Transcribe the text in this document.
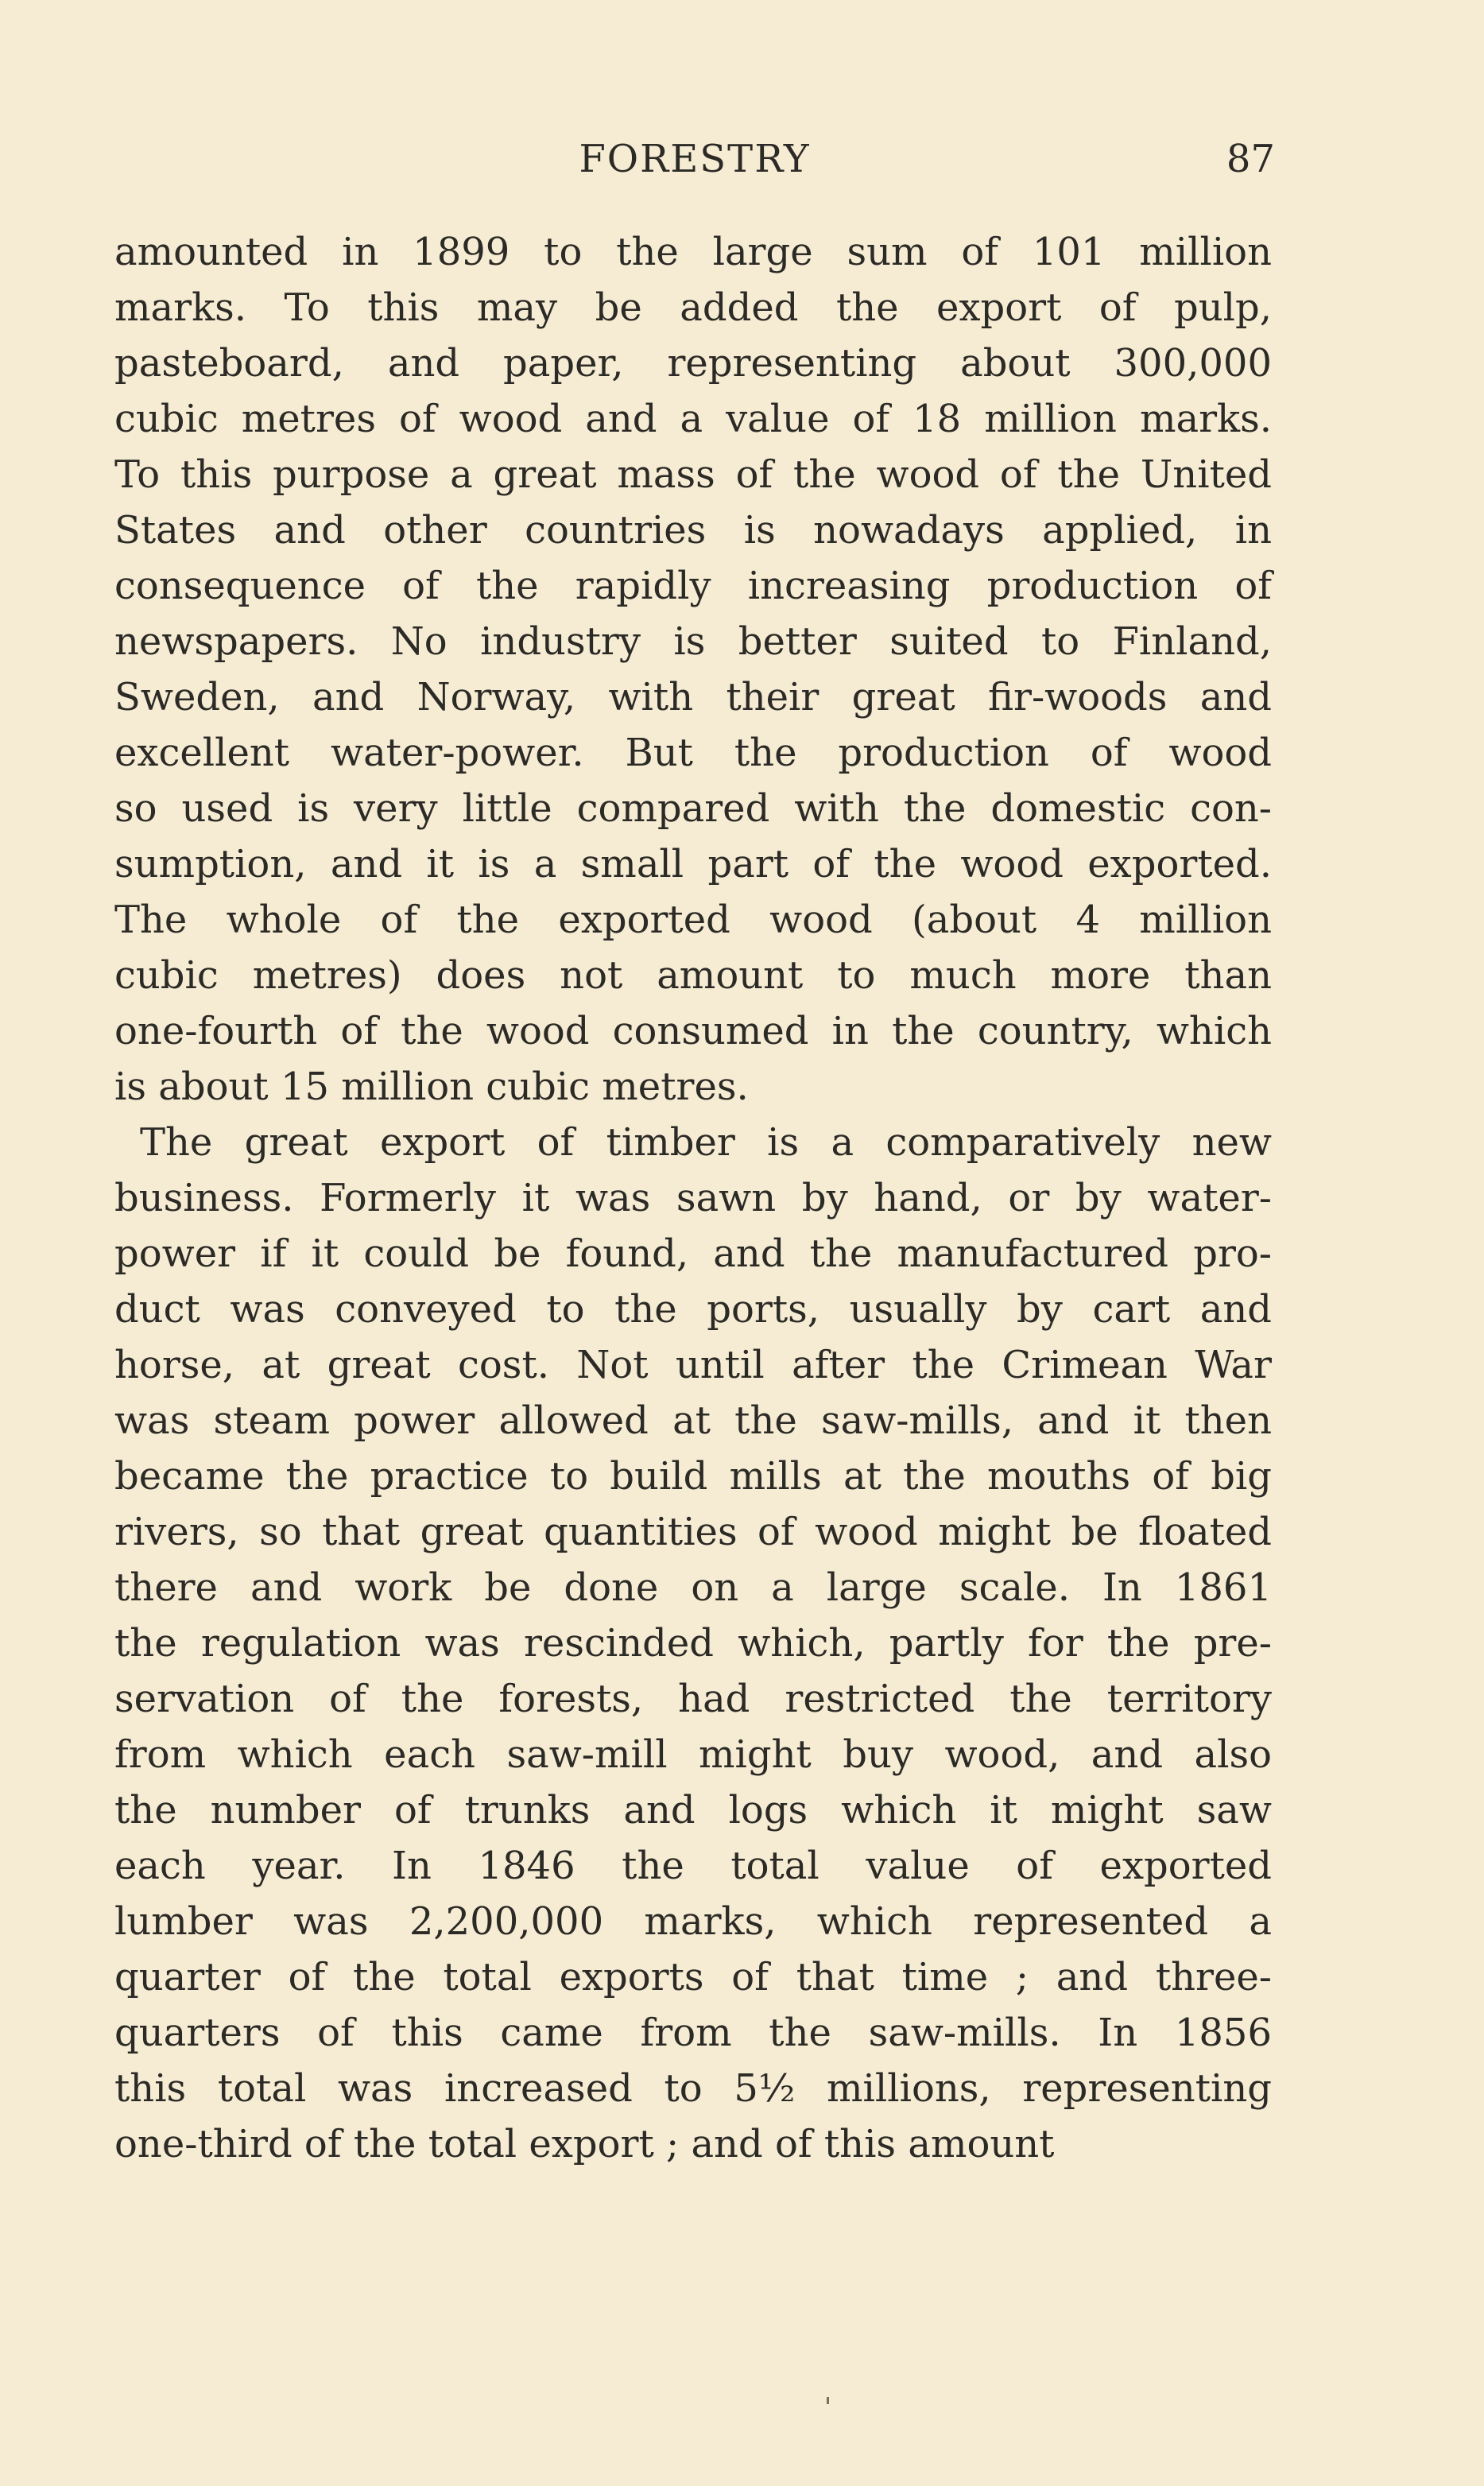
FORESTRY	87

amounted in 1899 to the large sum of 101 million
marks. To this may be added the export of pulp,
pasteboard, and paper, representing about 300,000
cubic metres of wood and a value of 18 million marks.
To this purpose a great mass of the wood of the United
States and other countries is nowadays applied, in
consequence of the rapidly increasing production of
newspapers. No industry is better suited to Finland,
Sweden, and Norway, with their great fir-woods and
excellent water-power. But the production of wood
so used is very little compared with the domestic con-
sumption, and it is a small part of the wood exported.
The whole of the exported wood (about 4 million
cubic metres) does not amount to much more than
one-fourth of the wood consumed in the country, which
is about 15 million cubic metres.

The great export of timber is a comparatively new
business. Formerly it was sawn by hand, or by water-
power if it could be found, and the manufactured pro-
duct was conveyed to the ports, usually by cart and
horse, at great cost. Not until after the Crimean War
was steam power allowed at the saw-mills, and it then
became the practice to build mills at the mouths of big
rivers, so that great quantities of wood might be floated
there and work be done on a large scale. In 1861
the regulation was rescinded which, partly for the pre-
servation of the forests, had restricted the territory
from which each saw-mill might buy wood, and also
the number of trunks and logs which it might saw
each year. In 1846 the total value of exported
lumber was 2,200,000 marks, which represented a
quarter of the total exports of that time ; and three-
quarters of this came from the saw-mills. In 1856
this total was increased to 5½ millions, representing
one-third of the total export ; and of this amount
